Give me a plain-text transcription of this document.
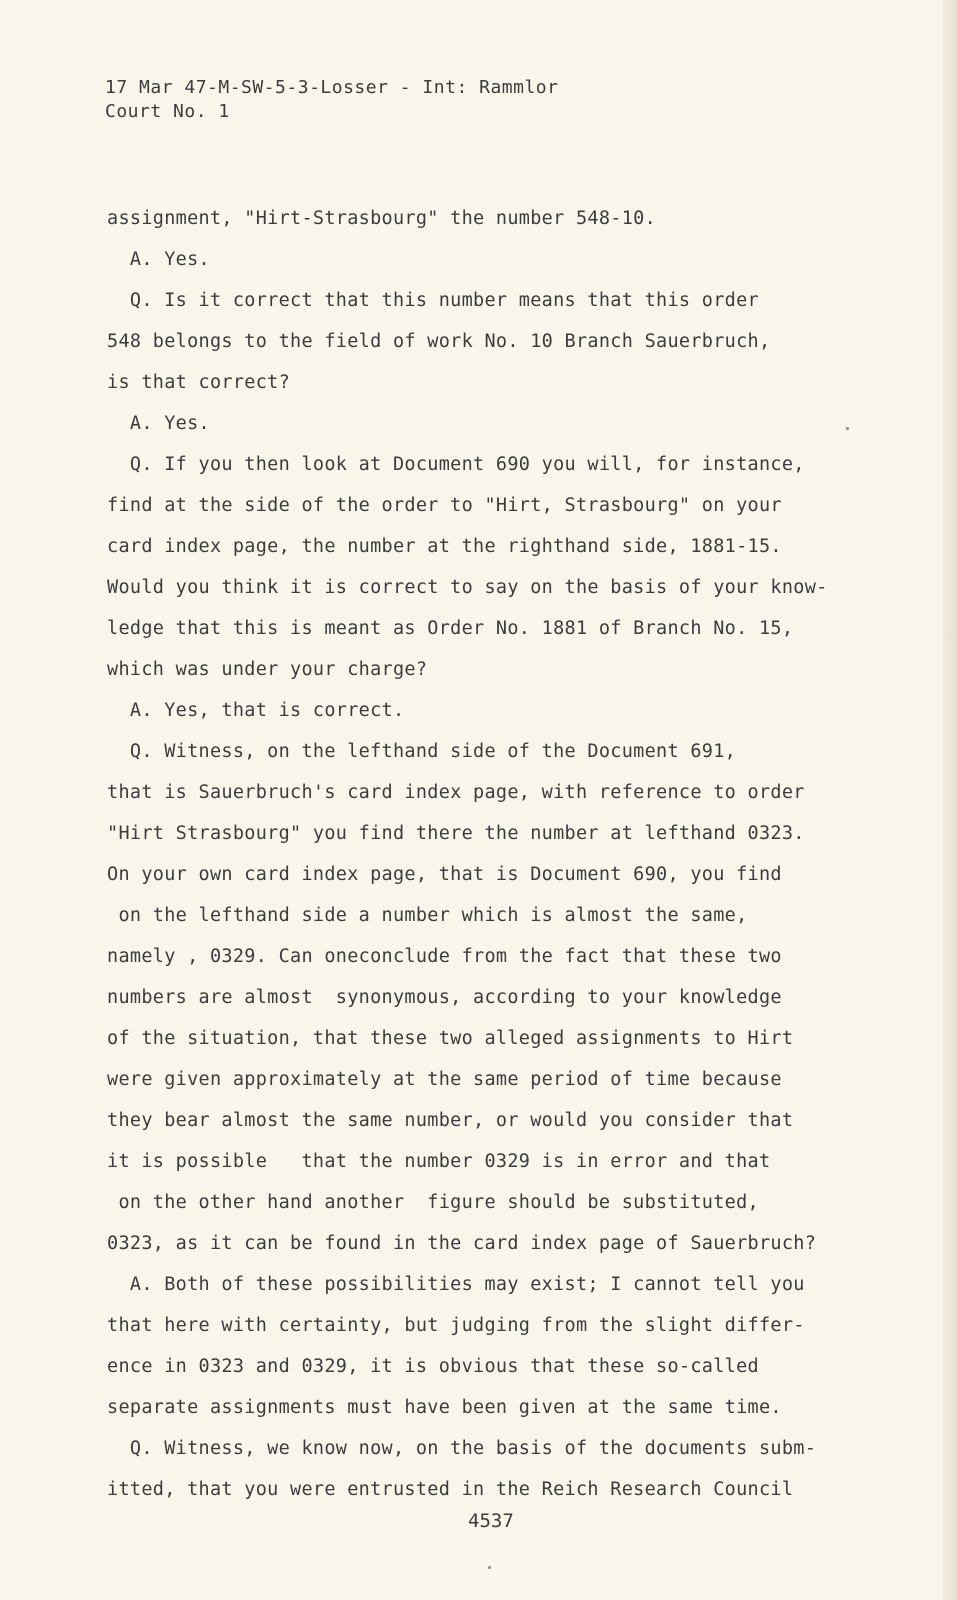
17 Mar 47-M-SW-5-3-Losser - Int: Rammlor
Court No. 1
assignment, "Hirt-Strasbourg" the number 548-10.
A. Yes.
Q. Is it correct that this number means that this order
548 belongs to the field of work No. 10 Branch Sauerbruch,
is that correct?
A. Yes.
Q. If you then look at Document 690 you will, for instance,
find at the side of the order to "Hirt, Strasbourg" on your
card index page, the number at the righthand side, 1881-15.
Would you think it is correct to say on the basis of your know-
ledge that this is meant as Order No. 1881 of Branch No. 15,
which was under your charge?
A. Yes, that is correct.
Q. Witness, on the lefthand side of the Document 691,
that is Sauerbruch's card index page, with reference to order
"Hirt Strasbourg" you find there the number at lefthand 0323.
On your own card index page, that is Document 690, you find
on the lefthand side a number which is almost the same,
namely , 0329. Can oneconclude from the fact that these two
numbers are almost  synonymous, according to your knowledge
of the situation, that these two alleged assignments to Hirt
were given approximately at the same period of time because
they bear almost the same number, or would you consider that
it is possible   that the number 0329 is in error and that
on the other hand another  figure should be substituted,
0323, as it can be found in the card index page of Sauerbruch?
A. Both of these possibilities may exist; I cannot tell you
that here with certainty, but judging from the slight differ-
ence in 0323 and 0329, it is obvious that these so-called
separate assignments must have been given at the same time.
Q. Witness, we know now, on the basis of the documents subm-
itted, that you were entrusted in the Reich Research Council
4537
